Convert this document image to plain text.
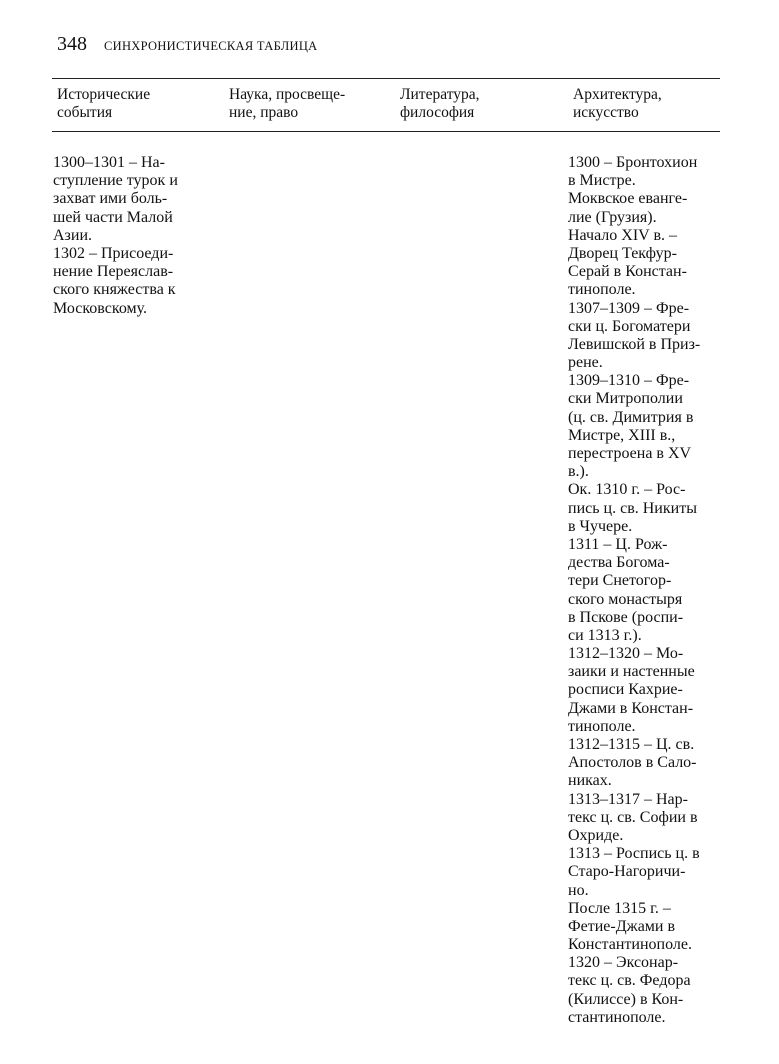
348 СИНХРОНИСТИЧЕСКАЯ ТАБЛИЦА
Исторические
события
Наука, просвеще-
ние, право
Литература,
философия
Архитектура,
искусство
1300–1301 – На-
ступление турок и
захват ими боль-
шей части Малой
Азии.
1302 – Присоеди-
нение Переяслав-
ского княжества к
Московскому.
1300 – Бронтохион
в Мистре.
Моквское еванге-
лие (Грузия).
Начало XIV в. –
Дворец Текфур-
Серай в Констан-
тинополе.
1307–1309 – Фре-
ски ц. Богоматери
Левишской в Приз-
рене.
1309–1310 – Фре-
ски Митрополии
(ц. св. Димитрия в
Мистре, XIII в.,
перестроена в XV
в.).
Ок. 1310 г. – Рос-
пись ц. св. Никиты
в Чучере.
1311 – Ц. Рож-
дества Богома-
тери Снетогор-
ского монастыря
в Пскове (роспи-
си 1313 г.).
1312–1320 – Мо-
заики и настенные
росписи Кахрие-
Джами в Констан-
тинополе.
1312–1315 – Ц. св.
Апостолов в Сало-
никах.
1313–1317 – Нар-
текс ц. св. Софии в
Охриде.
1313 – Роспись ц. в
Старо-Нагоричи-
но.
После 1315 г. –
Фетие-Джами в
Константинополе.
1320 – Эксонар-
текс ц. св. Федора
(Килиссе) в Кон-
стантинополе.
